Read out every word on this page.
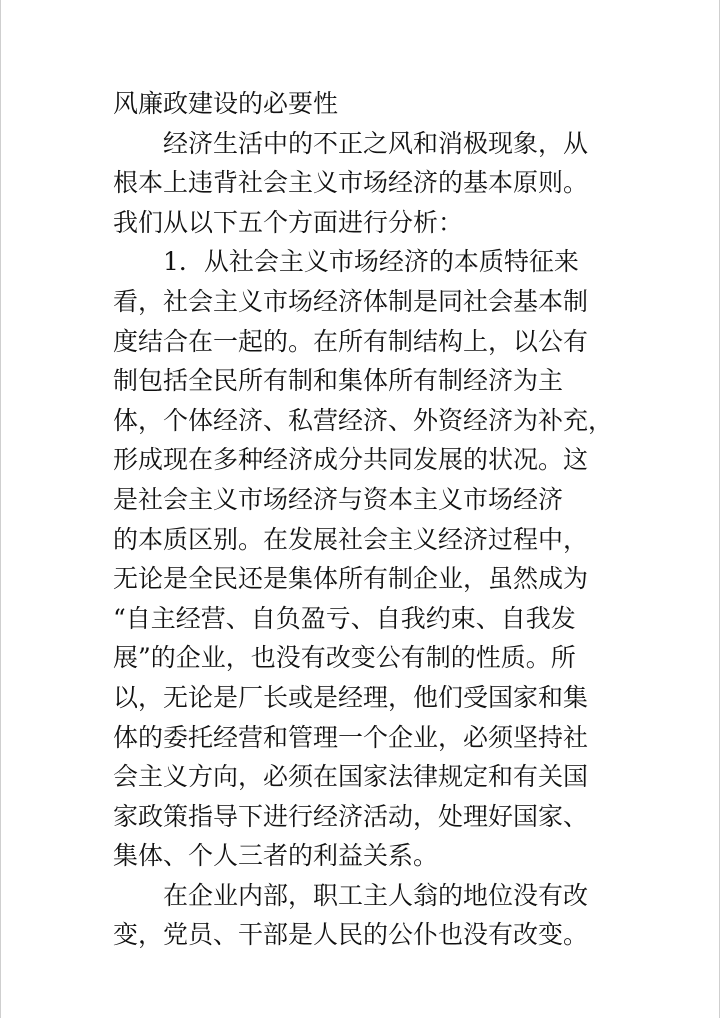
风廉政建设的必要性
经济生活中的不正之风和消极现象，从
根本上违背社会主义市场经济的基本原则。
我们从以下五个方面进行分析：
1．从社会主义市场经济的本质特征来
看，社会主义市场经济体制是同社会基本制
度结合在一起的。在所有制结构上，以公有
制包括全民所有制和集体所有制经济为主
体，个体经济、私营经济、外资经济为补充，
形成现在多种经济成分共同发展的状况。这
是社会主义市场经济与资本主义市场经济
的本质区别。在发展社会主义经济过程中，
无论是全民还是集体所有制企业，虽然成为
“自主经营、自负盈亏、自我约束、自我发
展”的企业，也没有改变公有制的性质。所
以，无论是厂长或是经理，他们受国家和集
体的委托经营和管理一个企业，必须坚持社
会主义方向，必须在国家法律规定和有关国
家政策指导下进行经济活动，处理好国家、
集体、个人三者的利益关系。
在企业内部，职工主人翁的地位没有改
变，党员、干部是人民的公仆也没有改变。
